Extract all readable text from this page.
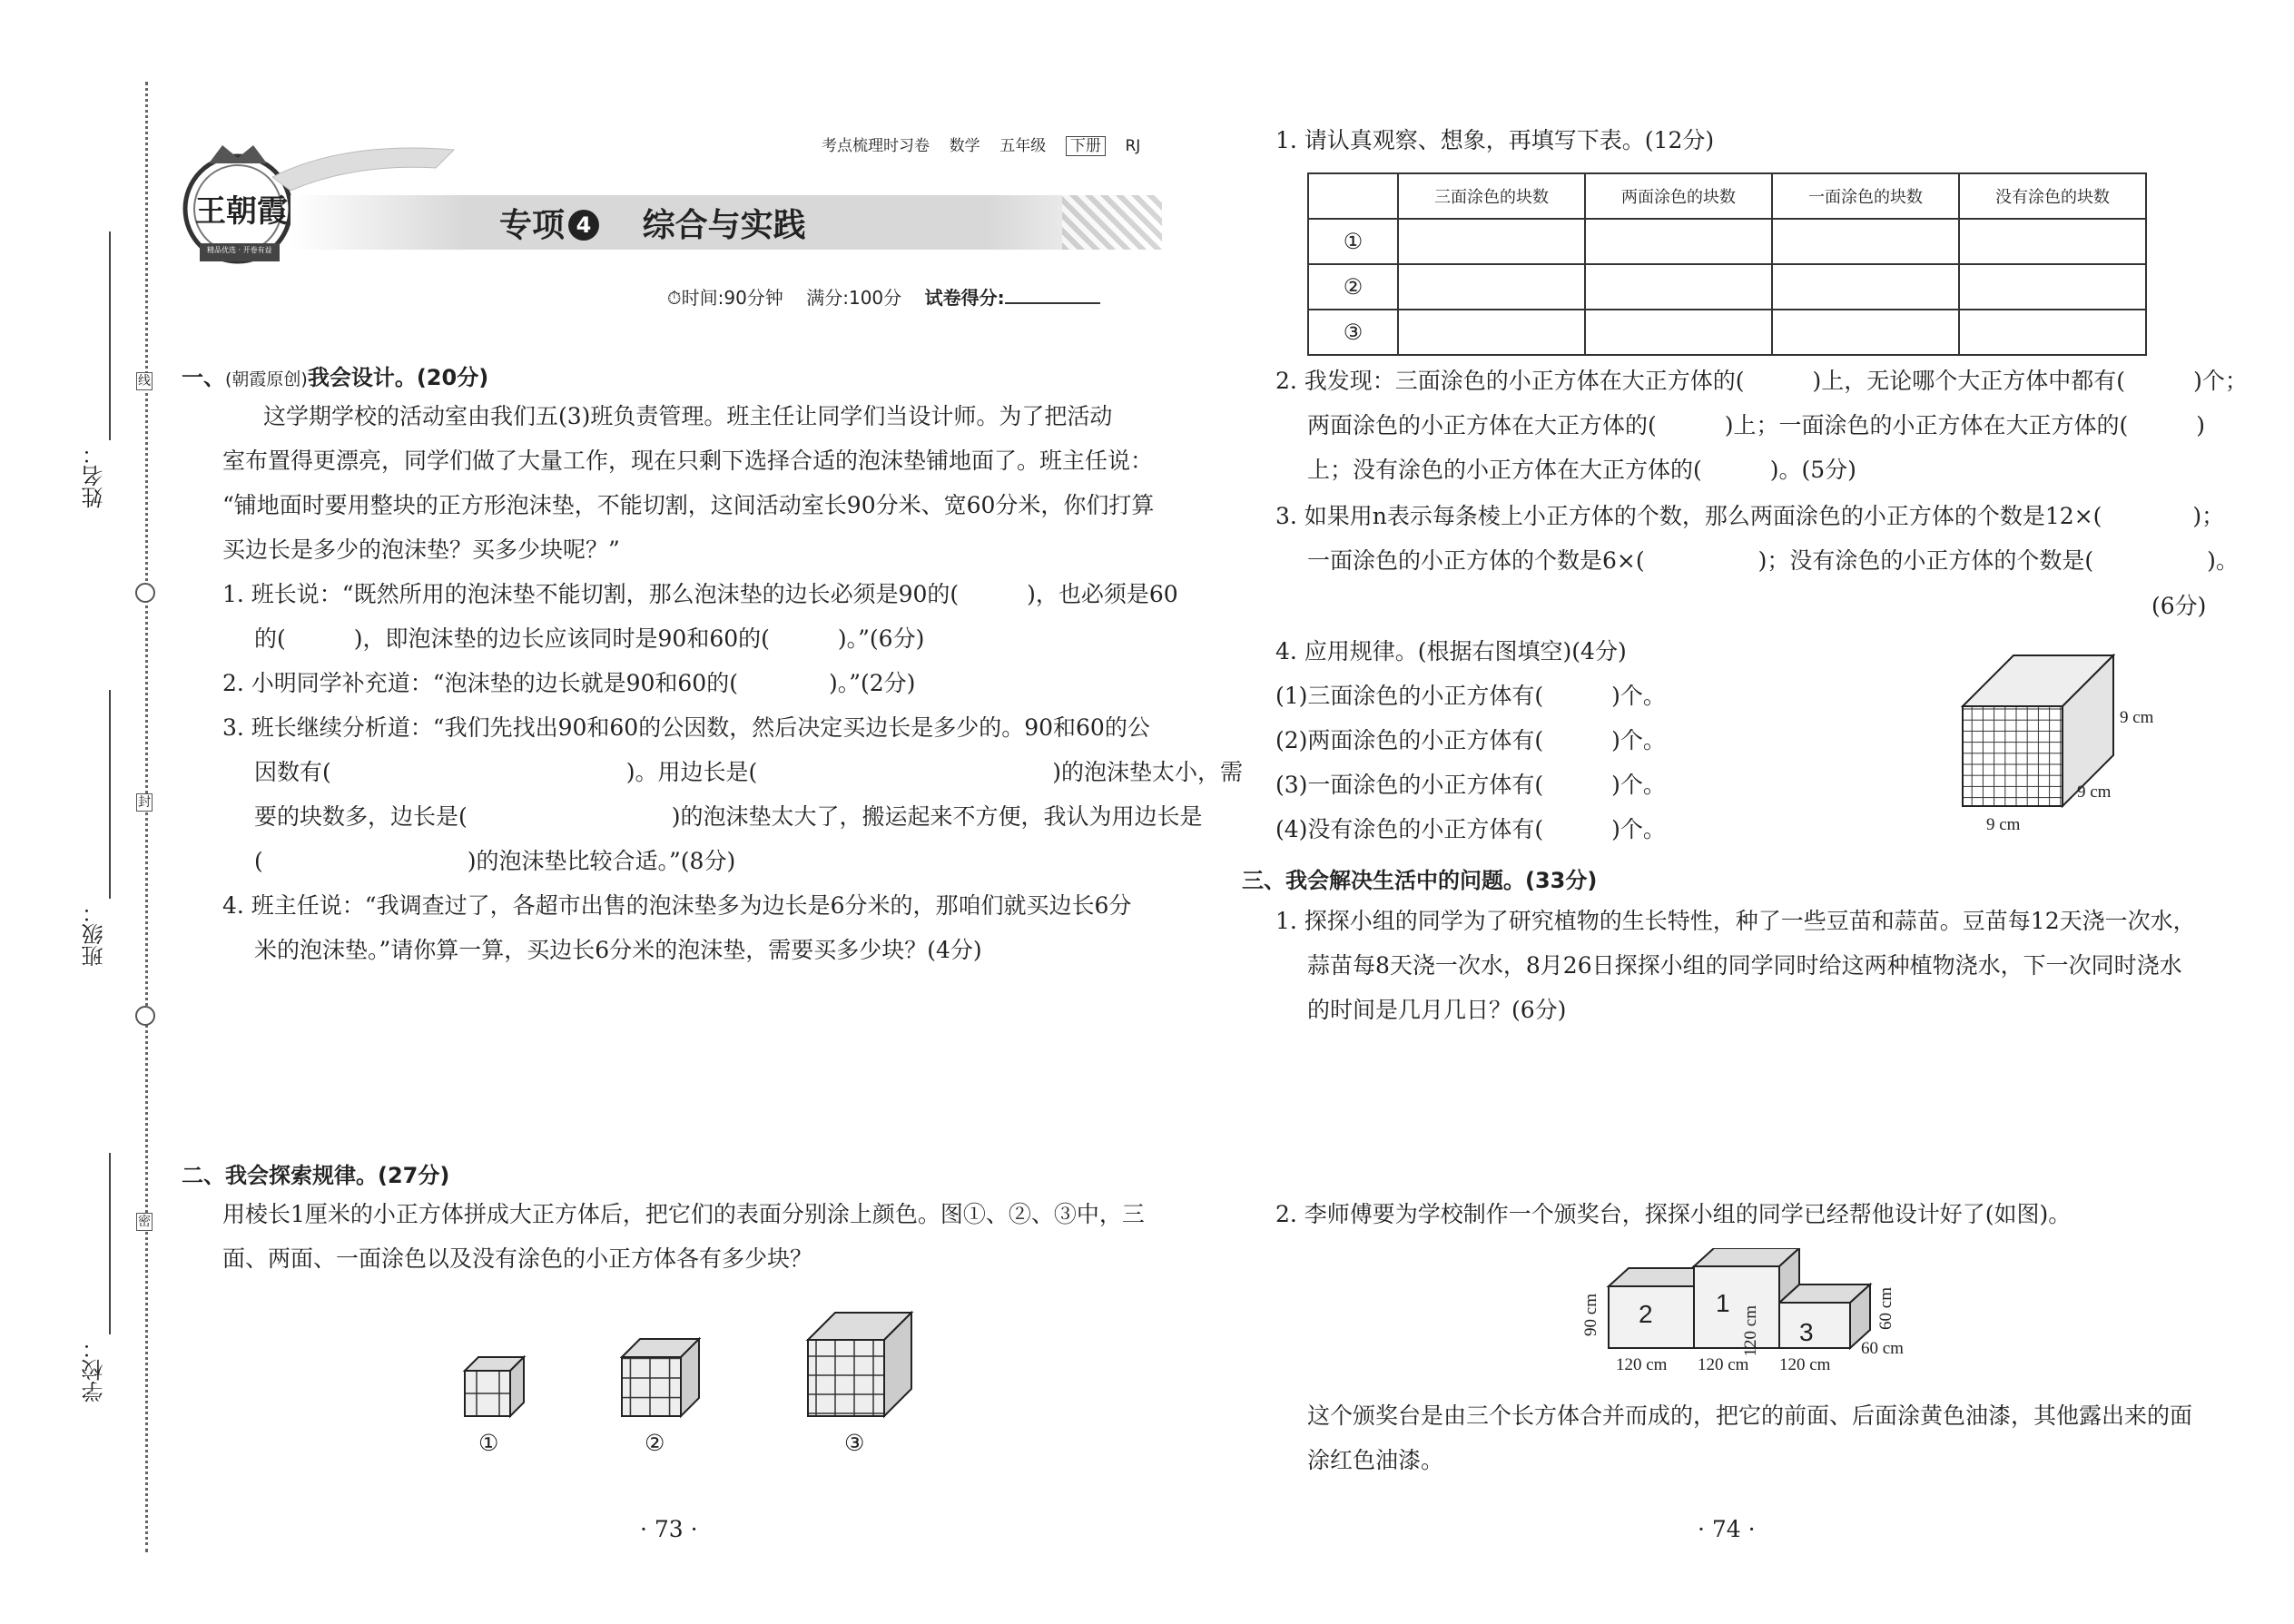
姓名：
班级：
学校：
线
封
密
王朝霞
精品优选 · 开卷有益
考点梳理时习卷 数学 五年级 下册 RJ
专项 4 综合与实践
⏱时间:90分钟 满分:100分 试卷得分:
一、(朝霞原创)我会设计。(20分)
这学期学校的活动室由我们五(3)班负责管理。班主任让同学们当设计师。为了把活动
室布置得更漂亮，同学们做了大量工作，现在只剩下选择合适的泡沫垫铺地面了。班主任说：
“铺地面时要用整块的正方形泡沫垫，不能切割，这间活动室长90分米、宽60分米，你们打算
买边长是多少的泡沫垫？买多少块呢？”
1. 班长说：“既然所用的泡沫垫不能切割，那么泡沫垫的边长必须是90的(　　　)，也必须是60
的(　　　)，即泡沫垫的边长应该同时是90和60的(　　　)。”(6分)
2. 小明同学补充道：“泡沫垫的边长就是90和60的(　　　　)。”(2分)
3. 班长继续分析道：“我们先找出90和60的公因数，然后决定买边长是多少的。90和60的公
因数有(　　　　　　　　　　　　　)。用边长是(　　　　　　　　　　　　　)的泡沫垫太小，需
要的块数多，边长是(　　　　　　　　　)的泡沫垫太大了，搬运起来不方便，我认为用边长是
(　　　　　　　　　)的泡沫垫比较合适。”(8分)
4. 班主任说：“我调查过了，各超市出售的泡沫垫多为边长是6分米的，那咱们就买边长6分
米的泡沫垫。”请你算一算，买边长6分米的泡沫垫，需要买多少块？(4分)
二、我会探索规律。(27分)
用棱长1厘米的小正方体拼成大正方体后，把它们的表面分别涂上颜色。图①、②、③中，三
面、两面、一面涂色以及没有涂色的小正方体各有多少块？
①	②	③
· 73 ·
1. 请认真观察、想象，再填写下表。(12分)
	三面涂色的块数	两面涂色的块数	一面涂色的块数	没有涂色的块数
①				
②				
③				
2. 我发现：三面涂色的小正方体在大正方体的(　　　)上，无论哪个大正方体中都有(　　　)个；
两面涂色的小正方体在大正方体的(　　　)上；一面涂色的小正方体在大正方体的(　　　)
上；没有涂色的小正方体在大正方体的(　　　)。(5分)
3. 如果用n表示每条棱上小正方体的个数，那么两面涂色的小正方体的个数是12×(　　　　)；
一面涂色的小正方体的个数是6×(　　　　　)；没有涂色的小正方体的个数是(　　　　　)。
(6分)
4. 应用规律。(根据右图填空)(4分)
(1)三面涂色的小正方体有(　　　)个。
(2)两面涂色的小正方体有(　　　)个。
(3)一面涂色的小正方体有(　　　)个。
(4)没有涂色的小正方体有(　　　)个。
9 cm
9 cm
9 cm
三、我会解决生活中的问题。(33分)
1. 探探小组的同学为了研究植物的生长特性，种了一些豆苗和蒜苗。豆苗每12天浇一次水，
蒜苗每8天浇一次水，8月26日探探小组的同学同时给这两种植物浇水，下一次同时浇水
的时间是几月几日？(6分)
2. 李师傅要为学校制作一个颁奖台，探探小组的同学已经帮他设计好了(如图)。
2 1
3
120 cm
90 cm	60 cm
60 cm
120 cm 120 cm 120 cm
这个颁奖台是由三个长方体合并而成的，把它的前面、后面涂黄色油漆，其他露出来的面
涂红色油漆。
· 74 ·
